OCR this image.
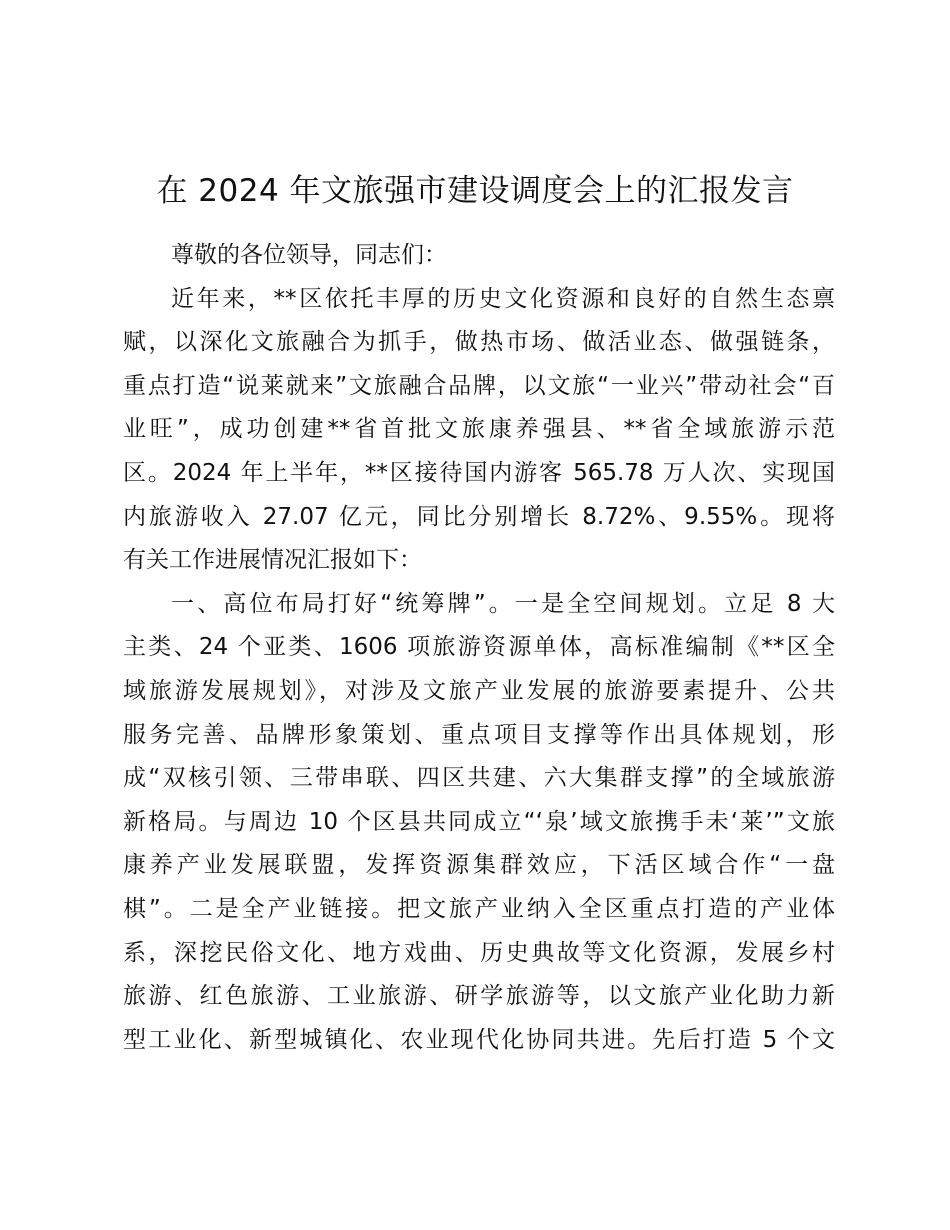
在 2024 年文旅强市建设调度会上的汇报发言
尊敬的各位领导，同志们：
近年来，**区依托丰厚的历史文化资源和良好的自然生态禀
赋，以深化文旅融合为抓手，做热市场、做活业态、做强链条，
重点打造“说莱就来”文旅融合品牌，以文旅“一业兴”带动社会“百
业旺”，成功创建**省首批文旅康养强县、**省全域旅游示范
区。2024 年上半年，**区接待国内游客 565.78 万人次、实现国
内旅游收入 27.07 亿元，同比分别增长 8.72%、9.55%。现将
有关工作进展情况汇报如下：
一、高位布局打好“统筹牌”。一是全空间规划。立足 8 大
主类、24 个亚类、1606 项旅游资源单体，高标准编制《**区全
域旅游发展规划》，对涉及文旅产业发展的旅游要素提升、公共
服务完善、品牌形象策划、重点项目支撑等作出具体规划，形
成“双核引领、三带串联、四区共建、六大集群支撑”的全域旅游
新格局。与周边 10 个区县共同成立“‘泉’域文旅携手未‘莱’”文旅
康养产业发展联盟，发挥资源集群效应，下活区域合作“一盘
棋”。二是全产业链接。把文旅产业纳入全区重点打造的产业体
系，深挖民俗文化、地方戏曲、历史典故等文化资源，发展乡村
旅游、红色旅游、工业旅游、研学旅游等，以文旅产业化助力新
型工业化、新型城镇化、农业现代化协同共进。先后打造 5 个文
